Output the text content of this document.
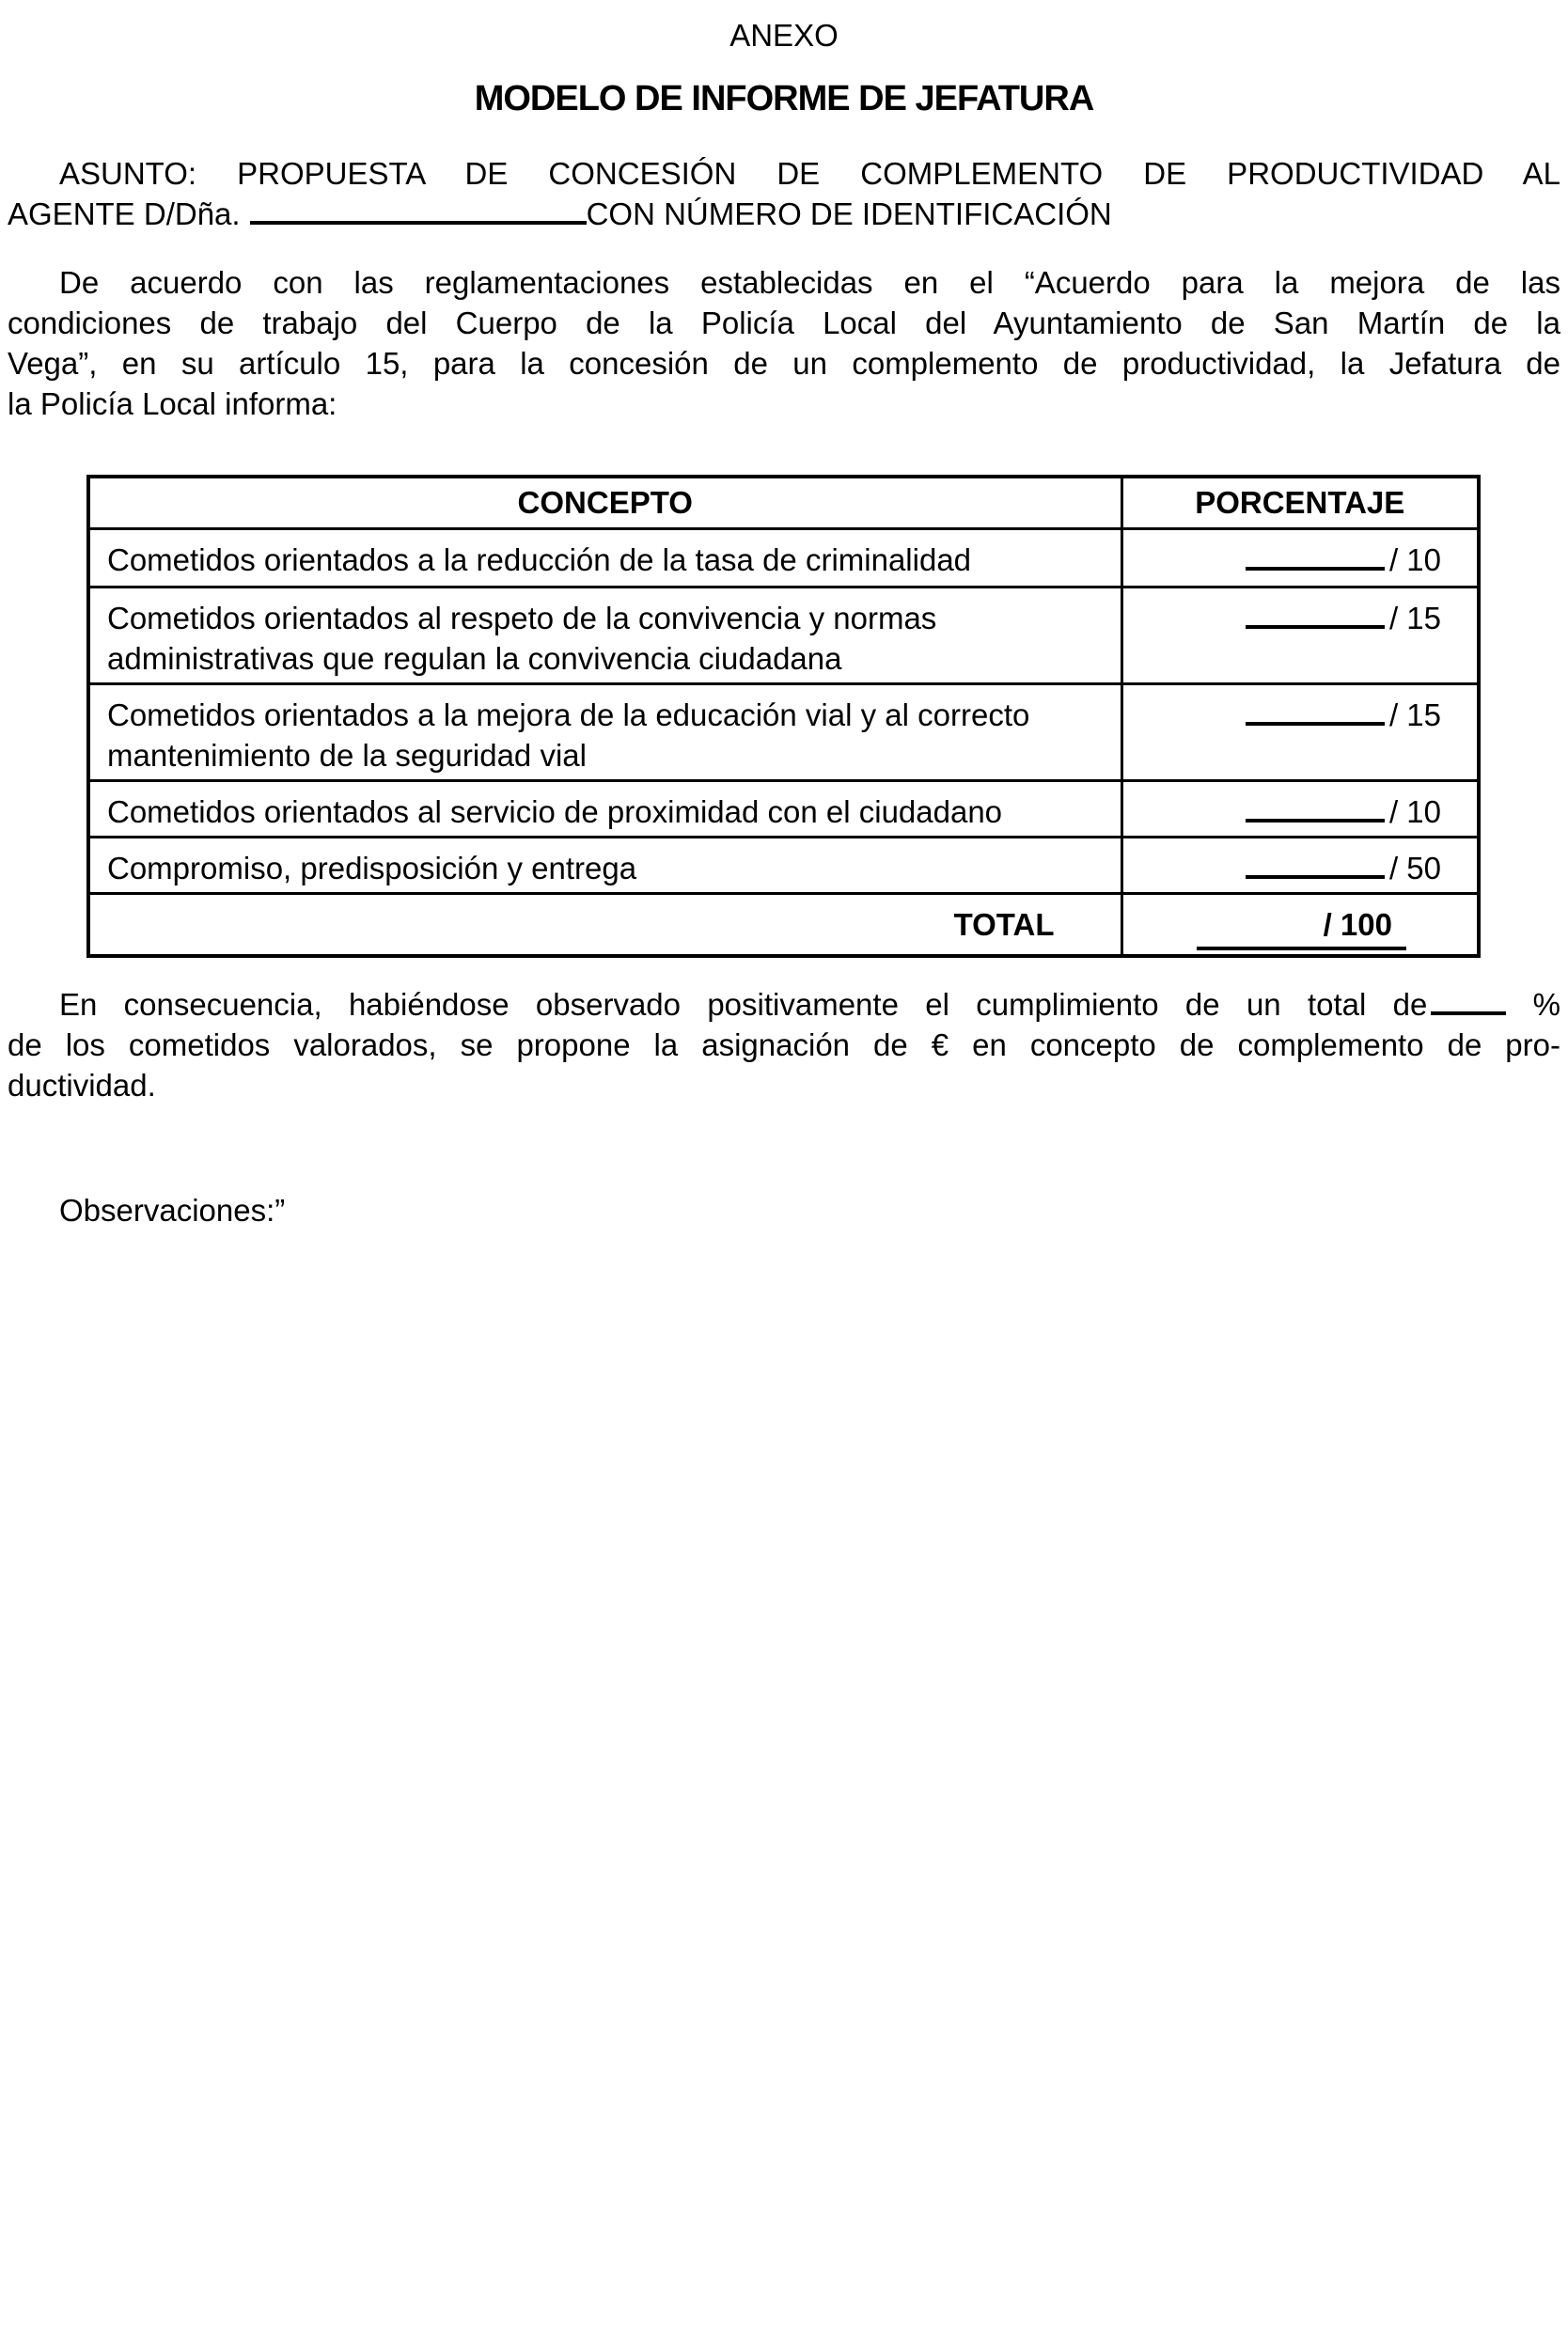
ANEXO
MODELO DE INFORME DE JEFATURA
ASUNTO: PROPUESTA DE CONCESIÓN DE COMPLEMENTO DE PRODUCTIVIDAD AL
AGENTE D/Dña.	CON NÚMERO DE IDENTIFICACIÓN
De acuerdo con las reglamentaciones establecidas en el “Acuerdo para la mejora de las
condiciones de trabajo del Cuerpo de la Policía Local del Ayuntamiento de San Martín de la
Vega”, en su artículo 15, para la concesión de un complemento de productividad, la Jefatura de
la Policía Local informa:
CONCEPTO	PORCENTAJE

Cometidos orientados a la reducción de la tasa de criminalidad	/ 10

Cometidos orientados al respeto de la convivencia y normas
administrativas que regulan la convivencia ciudadana	/ 15

Cometidos orientados a la mejora de la educación vial y al correcto
mantenimiento de la seguridad vial	/ 15

Cometidos orientados al servicio de proximidad con el ciudadano	/ 10

Compromiso, predisposición y entrega	/ 50
TOTAL	/ 100
En consecuencia, habiéndose observado positivamente el cumplimiento de un total de	%
de los cometidos valorados, se propone la asignación de € en concepto de complemento de pro-
ductividad.
Observaciones:”
